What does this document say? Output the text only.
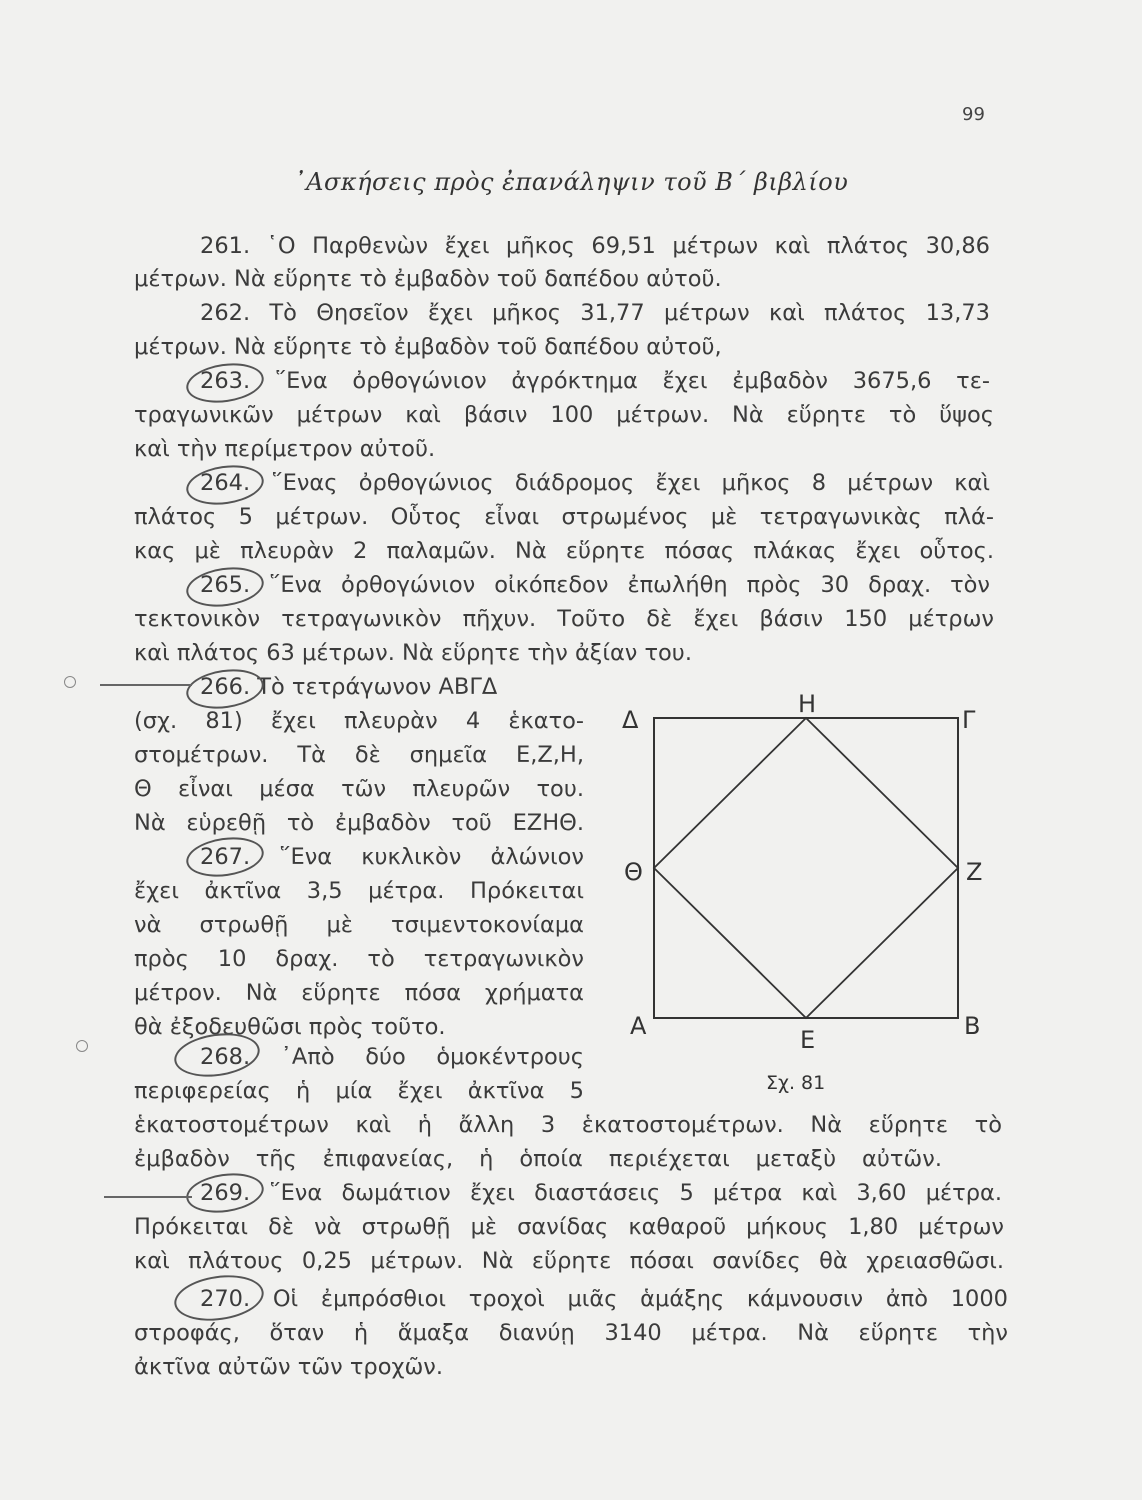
99
᾿Ασκήσεις πρὸς ἐπανάληψιν τοῦ Β΄ βιβλίου
261. ῾Ο Παρθενὼν ἔχει μῆκος 69,51 μέτρων καὶ πλάτος 30,86
μέτρων. Νὰ εὕρητε τὸ ἐμβαδὸν τοῦ δαπέδου αὐτοῦ.
262. Τὸ Θησεῖον ἔχει μῆκος 31,77 μέτρων καὶ πλάτος 13,73
μέτρων. Νὰ εὕρητε τὸ ἐμβαδὸν τοῦ δαπέδου αὐτοῦ,
263. ῞Ενα ὀρθογώνιον ἀγρόκτημα ἔχει ἐμβαδὸν 3675,6 τε-
τραγωνικῶν μέτρων καὶ βάσιν 100 μέτρων. Νὰ εὕρητε τὸ ὕψος
καὶ τὴν περίμετρον αὐτοῦ.
264. ῞Ενας ὀρθογώνιος διάδρομος ἔχει μῆκος 8 μέτρων καὶ
πλάτος 5 μέτρων. Οὗτος εἶναι στρωμένος μὲ τετραγωνικὰς πλά-
κας μὲ πλευρὰν 2 παλαμῶν. Νὰ εὕρητε πόσας πλάκας ἔχει οὗτος.
265. ῞Ενα ὀρθογώνιον οἰκόπεδον ἐπωλήθη πρὸς 30 δραχ. τὸν
τεκτονικὸν τετραγωνικὸν πῆχυν. Τοῦτο δὲ ἔχει βάσιν 150 μέτρων
καὶ πλάτος 63 μέτρων. Νὰ εὕρητε τὴν ἀξίαν του.
266. Τὸ τετράγωνον ΑΒΓΔ
(σχ. 81) ἔχει πλευρὰν 4 ἑκατο-
στομέτρων. Τὰ δὲ σημεῖα Ε,Ζ,Η,
Θ εἶναι μέσα τῶν πλευρῶν του.
Νὰ εὑρεθῇ τὸ ἐμβαδὸν τοῦ ΕΖΗΘ.
267. ῞Ενα κυκλικὸν ἀλώνιον
ἔχει ἀκτῖνα 3,5 μέτρα. Πρόκειται
νὰ στρωθῇ μὲ τσιμεντοκονίαμα
πρὸς 10 δραχ. τὸ τετραγωνικὸν
μέτρον. Νὰ εὕρητε πόσα χρήματα
θὰ ἐξοδευθῶσι πρὸς τοῦτο.
268. ᾿Απὸ δύο ὁμοκέντρους
περιφερείας ἡ μία ἔχει ἀκτῖνα 5
ἑκατοστομέτρων καὶ ἡ ἄλλη 3 ἑκατοστομέτρων. Νὰ εὕρητε τὸ
ἐμβαδὸν τῆς ἐπιφανείας, ἡ ὁποία περιέχεται μεταξὺ αὐτῶν.
269. ῞Ενα δωμάτιον ἔχει διαστάσεις 5 μέτρα καὶ 3,60 μέτρα.
Πρόκειται δὲ νὰ στρωθῇ μὲ σανίδας καθαροῦ μήκους 1,80 μέτρων
καὶ πλάτους 0,25 μέτρων. Νὰ εὕρητε πόσαι σανίδες θὰ χρειασθῶσι.
270. Οἱ ἐμπρόσθιοι τροχοὶ μιᾶς ἁμάξης κάμνουσιν ἀπὸ 1000
στροφάς, ὅταν ἡ ἅμαξα διανύῃ 3140 μέτρα. Νὰ εὕρητε τὴν
ἀκτῖνα αὐτῶν τῶν τροχῶν.
Δ
Η
Γ
Θ	Ζ
Α	Ε	Β
Σχ. 81
